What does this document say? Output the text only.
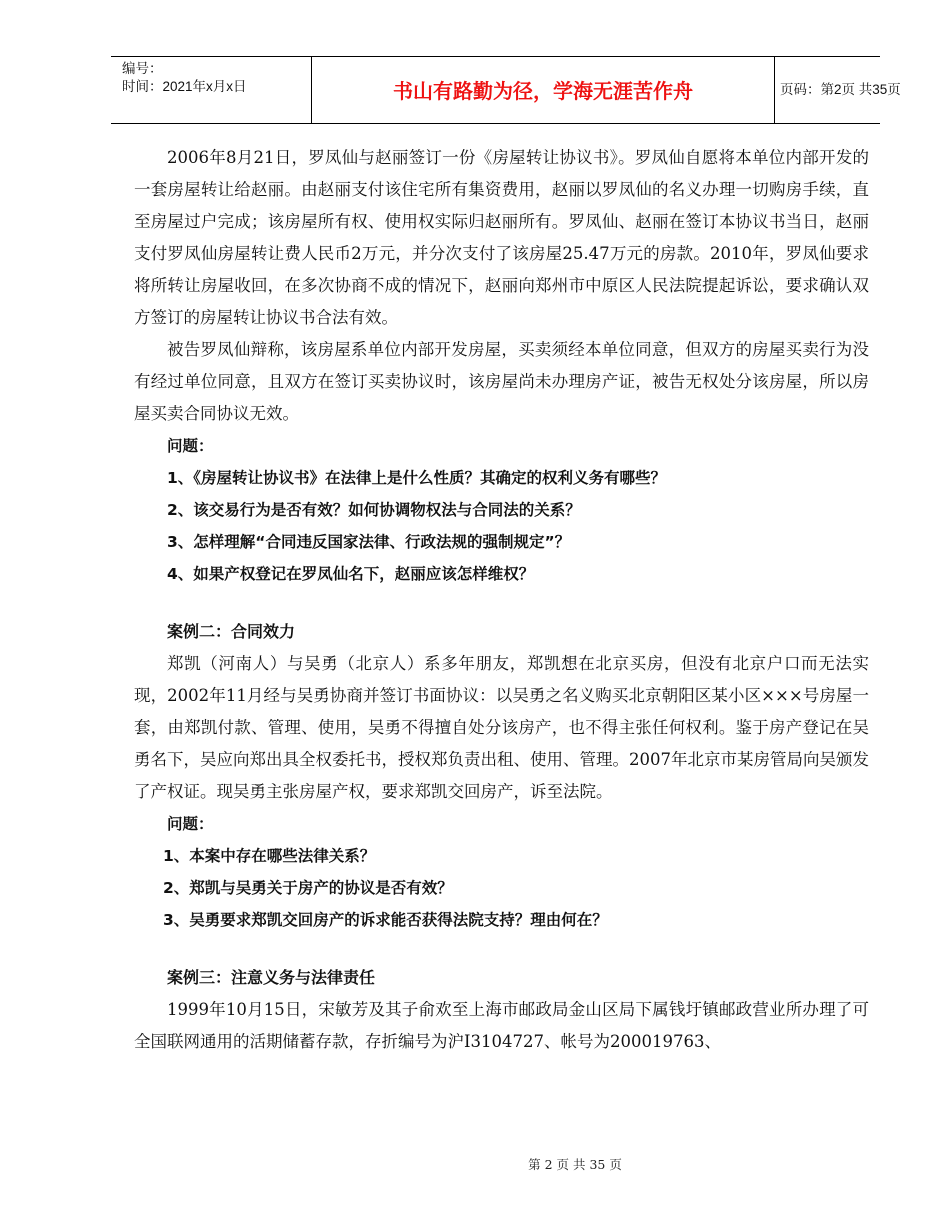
编号：
时间：2021年x月x日	书山有路勤为径，学海无涯苦作舟	页码：第2页 共35页

2006年8月21日，罗凤仙与赵丽签订一份《房屋转让协议书》。罗凤仙自愿将本单位内部开发的一套房屋转让给赵丽。由赵丽支付该住宅所有集资费用，赵丽以罗凤仙的名义办理一切购房手续，直至房屋过户完成；该房屋所有权、使用权实际归赵丽所有。罗凤仙、赵丽在签订本协议书当日，赵丽支付罗凤仙房屋转让费人民币2万元，并分次支付了该房屋25.47万元的房款。2010年，罗凤仙要求将所转让房屋收回，在多次协商不成的情况下，赵丽向郑州市中原区人民法院提起诉讼，要求确认双方签订的房屋转让协议书合法有效。

被告罗凤仙辩称，该房屋系单位内部开发房屋，买卖须经本单位同意，但双方的房屋买卖行为没有经过单位同意，且双方在签订买卖协议时，该房屋尚未办理房产证，被告无权处分该房屋，所以房屋买卖合同协议无效。

问题：

1、《房屋转让协议书》在法律上是什么性质？其确定的权利义务有哪些？

2、该交易行为是否有效？如何协调物权法与合同法的关系？

3、怎样理解“合同违反国家法律、行政法规的强制规定”？

4、如果产权登记在罗凤仙名下，赵丽应该怎样维权？

案例二：合同效力

郑凯（河南人）与吴勇（北京人）系多年朋友，郑凯想在北京买房，但没有北京户口而无法实现，2002年11月经与吴勇协商并签订书面协议：以吴勇之名义购买北京朝阳区某小区×××号房屋一套，由郑凯付款、管理、使用，吴勇不得擅自处分该房产，也不得主张任何权利。鉴于房产登记在吴勇名下，吴应向郑出具全权委托书，授权郑负责出租、使用、管理。2007年北京市某房管局向吴颁发了产权证。现吴勇主张房屋产权，要求郑凯交回房产，诉至法院。

问题：

1、本案中存在哪些法律关系？

2、郑凯与吴勇关于房产的协议是否有效？

3、吴勇要求郑凯交回房产的诉求能否获得法院支持？理由何在？

案例三：注意义务与法律责任

1999年10月15日，宋敏芳及其子俞欢至上海市邮政局金山区局下属钱圩镇邮政营业所办理了可全国联网通用的活期储蓄存款，存折编号为沪I3104727、帐号为200019763、

第 2 页 共 35 页
